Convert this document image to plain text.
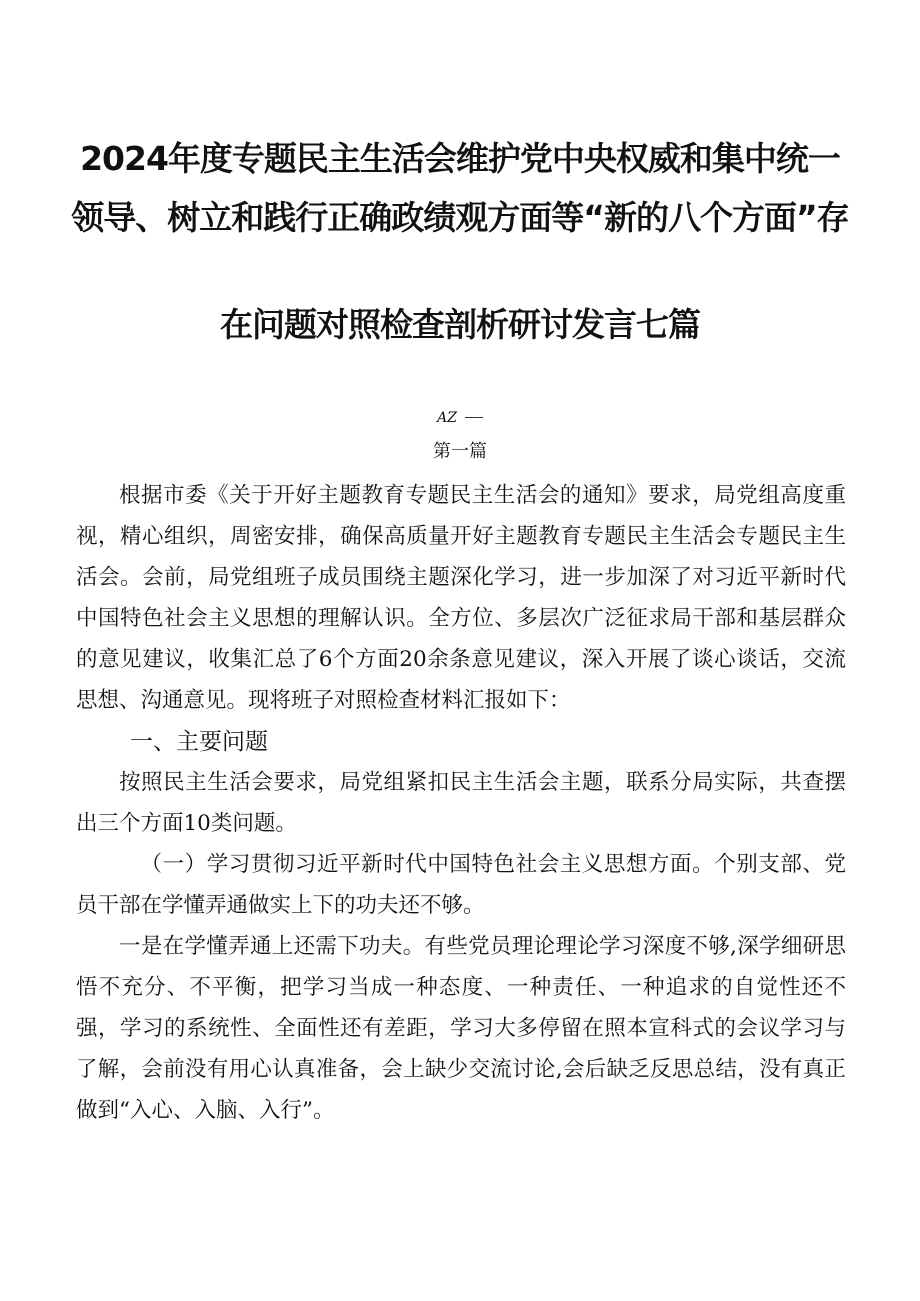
2024年度专题民主生活会维护党中央权威和集中统一
领导、树立和践行正确政绩观方面等“新的八个方面”存
在问题对照检查剖析研讨发言七篇
AZ
第一篇

根据市委《关于开好主题教育专题民主生活会的通知》要求，局党组高度重视，精心组织，周密安排，确保高质量开好主题教育专题民主生活会专题民主生活会。会前，局党组班子成员围绕主题深化学习，进一步加深了对习近平新时代中国特色社会主义思想的理解认识。全方位、多层次广泛征求局干部和基层群众的意见建议，收集汇总了6个方面20余条意见建议，深入开展了谈心谈话，交流思想、沟通意见。现将班子对照检查材料汇报如下：

一、主要问题

按照民主生活会要求，局党组紧扣民主生活会主题，联系分局实际，共查摆出三个方面10类问题。

（一）学习贯彻习近平新时代中国特色社会主义思想方面。个别支部、党员干部在学懂弄通做实上下的功夫还不够。

一是在学懂弄通上还需下功夫。有些党员理论理论学习深度不够,深学细研思悟不充分、不平衡，把学习当成一种态度、一种责任、一种追求的自觉性还不强，学习的系统性、全面性还有差距，学习大多停留在照本宣科式的会议学习与了解，会前没有用心认真准备，会上缺少交流讨论,会后缺乏反思总结，没有真正做到“入心、入脑、入行”。
